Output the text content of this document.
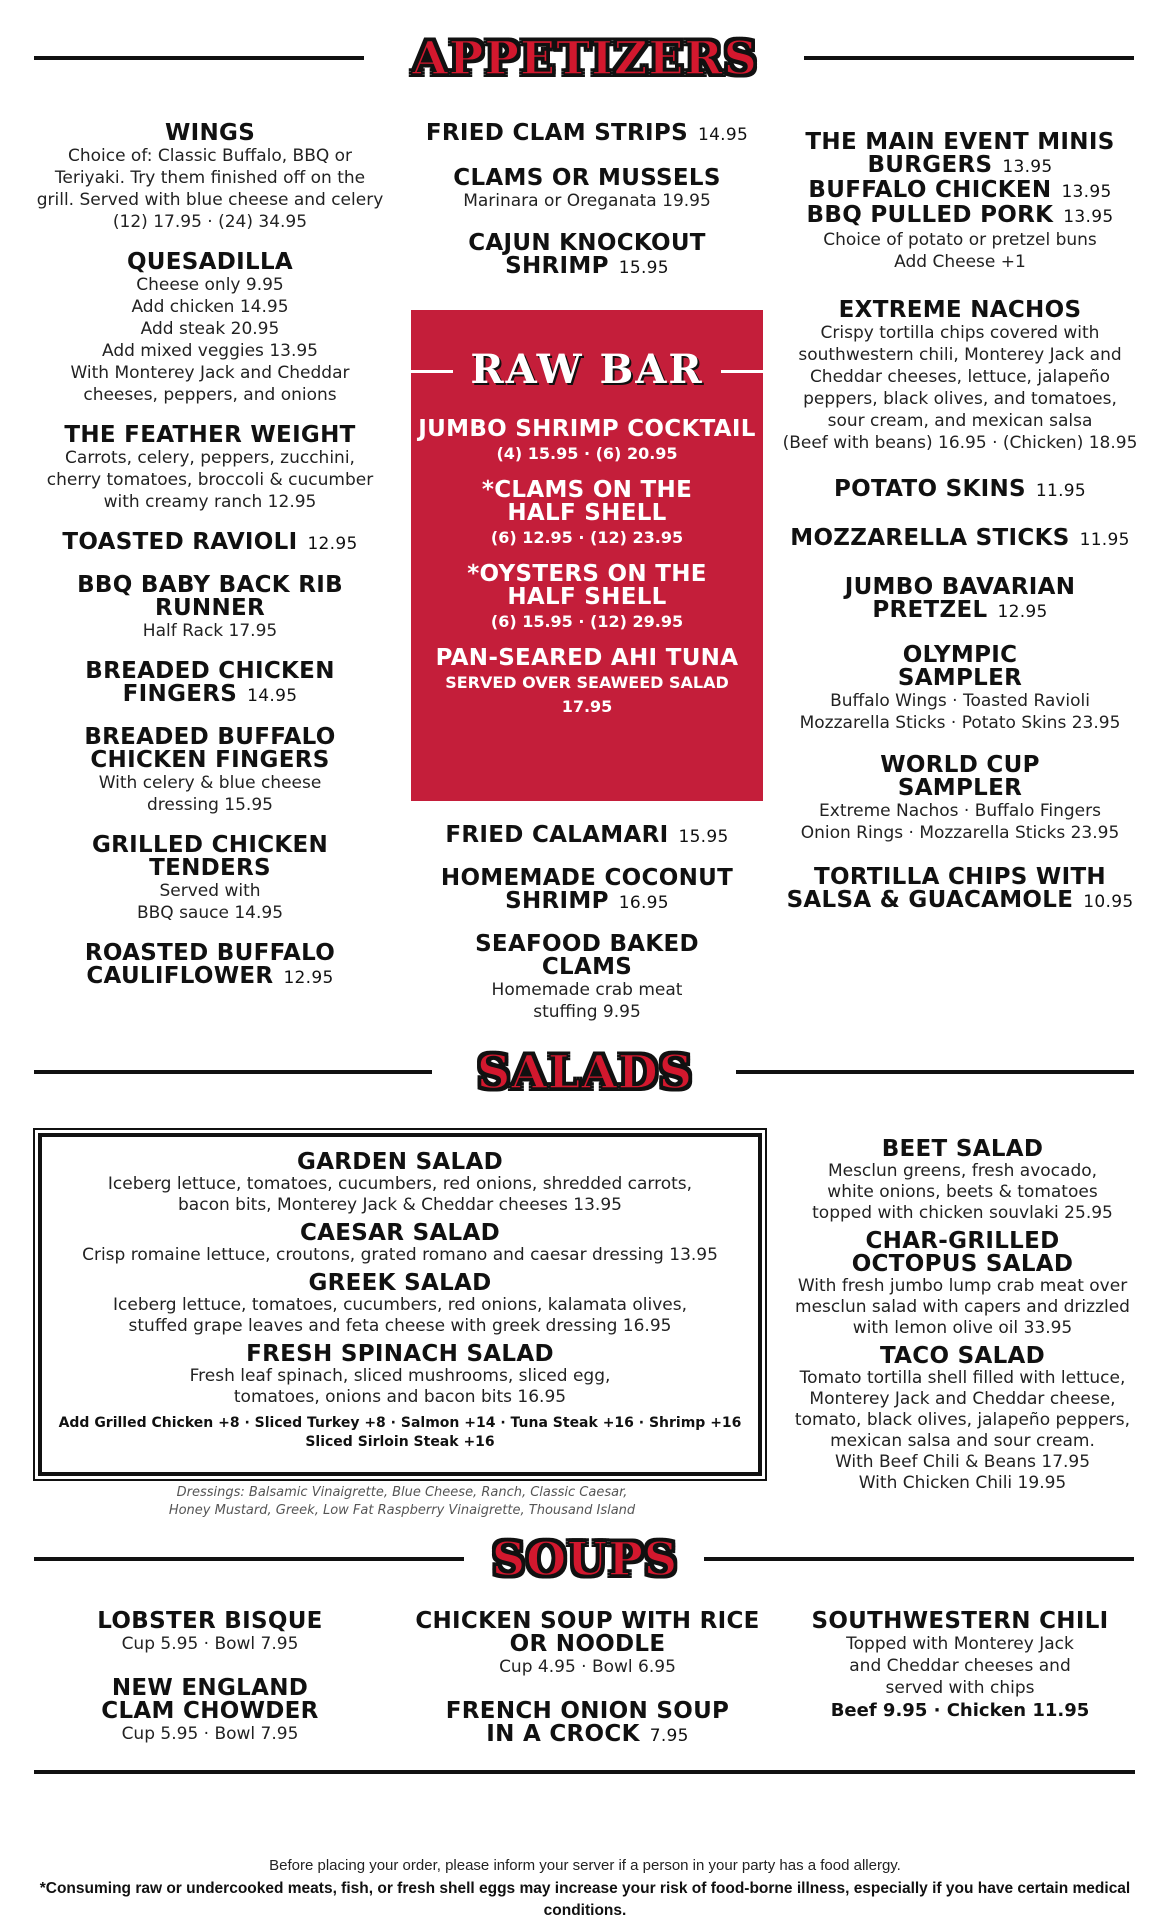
APPETIZERS
SALADS
SOUPS
WINGS
Choice of: Classic Buffalo, BBQ or
Teriyaki. Try them finished off on the
grill. Served with blue cheese and celery
(12) 17.95 · (24) 34.95
QUESADILLA
Cheese only 9.95
Add chicken 14.95
Add steak 20.95
Add mixed veggies 13.95
With Monterey Jack and Cheddar
cheeses, peppers, and onions
THE FEATHER WEIGHT
Carrots, celery, peppers, zucchini,
cherry tomatoes, broccoli & cucumber
with creamy ranch 12.95
TOASTED RAVIOLI 12.95
BBQ BABY BACK RIB
RUNNER
Half Rack 17.95
BREADED CHICKEN
FINGERS 14.95
BREADED BUFFALO
CHICKEN FINGERS
With celery & blue cheese
dressing 15.95
GRILLED CHICKEN
TENDERS
Served with
BBQ sauce 14.95
ROASTED BUFFALO
CAULIFLOWER 12.95
FRIED CLAM STRIPS 14.95
CLAMS OR MUSSELS
Marinara or Oreganata 19.95
CAJUN KNOCKOUT
SHRIMP 15.95
RAW BAR
JUMBO SHRIMP COCKTAIL
(4) 15.95 · (6) 20.95
*CLAMS ON THE
HALF SHELL
(6) 12.95 · (12) 23.95
*OYSTERS ON THE
HALF SHELL
(6) 15.95 · (12) 29.95
PAN-SEARED AHI TUNA
SERVED OVER SEAWEED SALAD
17.95
FRIED CALAMARI 15.95
HOMEMADE COCONUT
SHRIMP 16.95
SEAFOOD BAKED
CLAMS
Homemade crab meat
stuffing 9.95
THE MAIN EVENT MINIS
BURGERS 13.95
BUFFALO CHICKEN 13.95
BBQ PULLED PORK 13.95
Choice of potato or pretzel buns
Add Cheese +1
EXTREME NACHOS
Crispy tortilla chips covered with
southwestern chili, Monterey Jack and
Cheddar cheeses, lettuce, jalapeño
peppers, black olives, and tomatoes,
sour cream, and mexican salsa
(Beef with beans) 16.95 · (Chicken) 18.95
POTATO SKINS 11.95
MOZZARELLA STICKS 11.95
JUMBO BAVARIAN
PRETZEL 12.95
OLYMPIC
SAMPLER
Buffalo Wings · Toasted Ravioli
Mozzarella Sticks · Potato Skins 23.95
WORLD CUP
SAMPLER
Extreme Nachos · Buffalo Fingers
Onion Rings · Mozzarella Sticks 23.95
TORTILLA CHIPS WITH
SALSA & GUACAMOLE 10.95
GARDEN SALAD
Iceberg lettuce, tomatoes, cucumbers, red onions, shredded carrots,
bacon bits, Monterey Jack & Cheddar cheeses 13.95
CAESAR SALAD
Crisp romaine lettuce, croutons, grated romano and caesar dressing 13.95
GREEK SALAD
Iceberg lettuce, tomatoes, cucumbers, red onions, kalamata olives,
stuffed grape leaves and feta cheese with greek dressing 16.95
FRESH SPINACH SALAD
Fresh leaf spinach, sliced mushrooms, sliced egg,
tomatoes, onions and bacon bits 16.95
Add Grilled Chicken +8 · Sliced Turkey +8 · Salmon +14 · Tuna Steak +16 · Shrimp +16
Sliced Sirloin Steak +16
Dressings: Balsamic Vinaigrette, Blue Cheese, Ranch, Classic Caesar,
Honey Mustard, Greek, Low Fat Raspberry Vinaigrette, Thousand Island
BEET SALAD
Mesclun greens, fresh avocado,
white onions, beets & tomatoes
topped with chicken souvlaki 25.95
CHAR-GRILLED
OCTOPUS SALAD
With fresh jumbo lump crab meat over
mesclun salad with capers and drizzled
with lemon olive oil 33.95
TACO SALAD
Tomato tortilla shell filled with lettuce,
Monterey Jack and Cheddar cheese,
tomato, black olives, jalapeño peppers,
mexican salsa and sour cream.
With Beef Chili & Beans 17.95
With Chicken Chili 19.95
LOBSTER BISQUE
Cup 5.95 · Bowl 7.95
NEW ENGLAND
CLAM CHOWDER
Cup 5.95 · Bowl 7.95
CHICKEN SOUP WITH RICE
OR NOODLE
Cup 4.95 · Bowl 6.95
FRENCH ONION SOUP
IN A CROCK 7.95
SOUTHWESTERN CHILI
Topped with Monterey Jack
and Cheddar cheeses and
served with chips
Beef 9.95 · Chicken 11.95
Before placing your order, please inform your server if a person in your party has a food allergy.
*Consuming raw or undercooked meats, fish, or fresh shell eggs may increase your risk of food-borne illness, especially if you have certain medical conditions.
